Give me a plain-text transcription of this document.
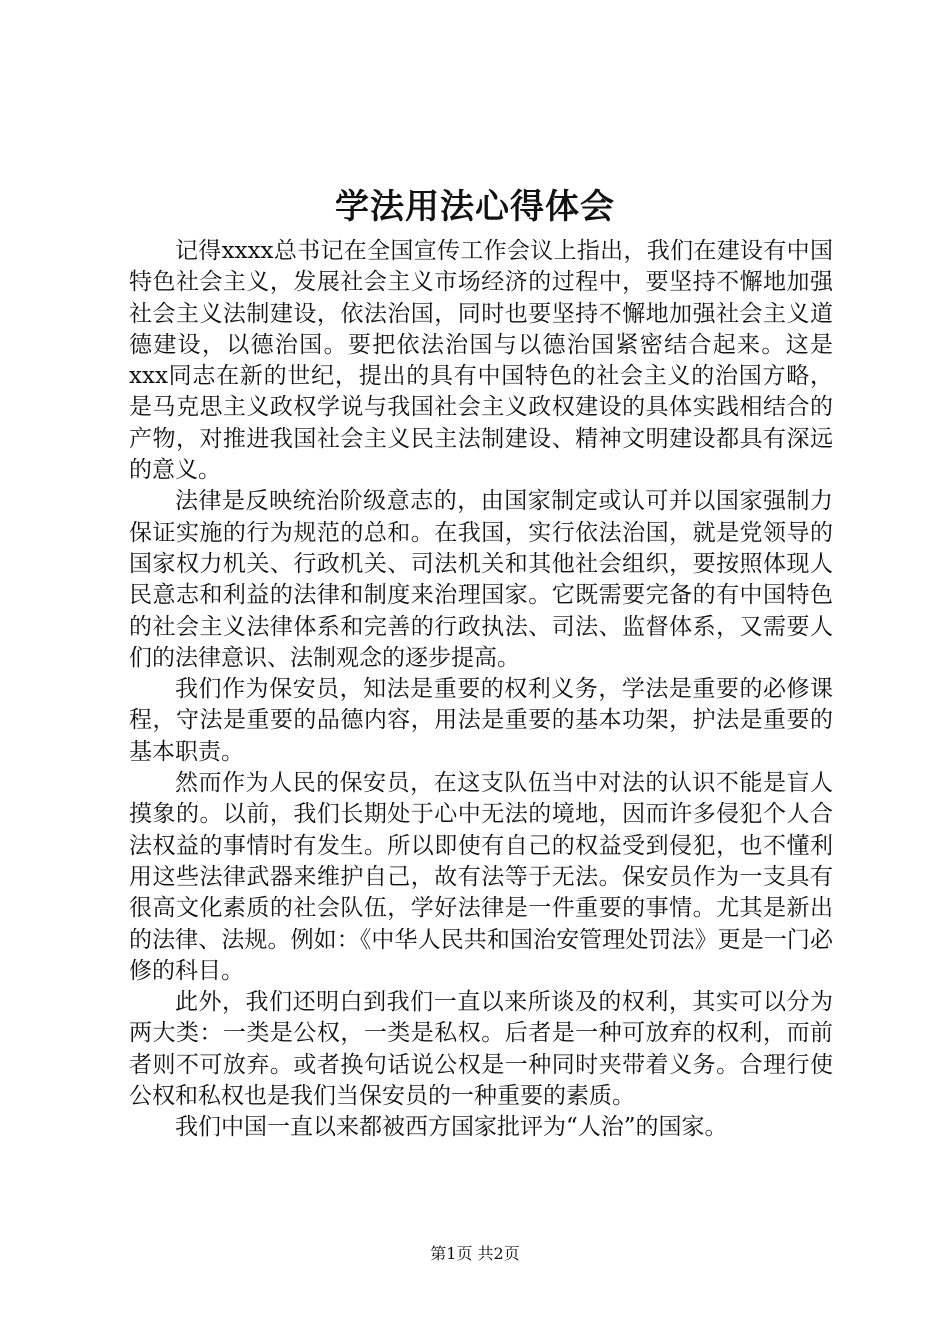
学法用法心得体会

记得xxxx总书记在全国宣传工作会议上指出，我们在建设有中国特色社会主义，发展社会主义市场经济的过程中，要坚持不懈地加强社会主义法制建设，依法治国，同时也要坚持不懈地加强社会主义道德建设，以德治国。要把依法治国与以德治国紧密结合起来。这是xxx同志在新的世纪，提出的具有中国特色的社会主义的治国方略，是马克思主义政权学说与我国社会主义政权建设的具体实践相结合的产物，对推进我国社会主义民主法制建设、精神文明建设都具有深远的意义。

法律是反映统治阶级意志的，由国家制定或认可并以国家强制力保证实施的行为规范的总和。在我国，实行依法治国，就是党领导的国家权力机关、行政机关、司法机关和其他社会组织，要按照体现人民意志和利益的法律和制度来治理国家。它既需要完备的有中国特色的社会主义法律体系和完善的行政执法、司法、监督体系，又需要人们的法律意识、法制观念的逐步提高。

我们作为保安员，知法是重要的权利义务，学法是重要的必修课程，守法是重要的品德内容，用法是重要的基本功架，护法是重要的基本职责。

然而作为人民的保安员，在这支队伍当中对法的认识不能是盲人摸象的。以前，我们长期处于心中无法的境地，因而许多侵犯个人合法权益的事情时有发生。所以即使有自己的权益受到侵犯，也不懂利用这些法律武器来维护自己，故有法等于无法。保安员作为一支具有很高文化素质的社会队伍，学好法律是一件重要的事情。尤其是新出的法律、法规。例如：《中华人民共和国治安管理处罚法》更是一门必修的科目。

此外，我们还明白到我们一直以来所谈及的权利，其实可以分为两大类：一类是公权，一类是私权。后者是一种可放弃的权利，而前者则不可放弃。或者换句话说公权是一种同时夹带着义务。合理行使公权和私权也是我们当保安员的一种重要的素质。

我们中国一直以来都被西方国家批评为“人治”的国家。

第1页 共2页
